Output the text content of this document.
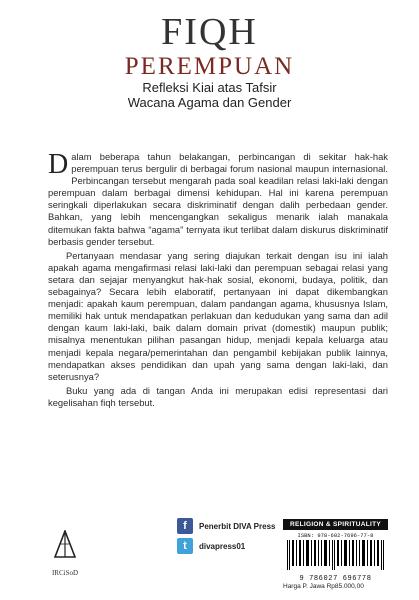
FIQH
PEREMPUAN
Refleksi Kiai atas Tafsir
Wacana Agama dan Gender

Dalam beberapa tahun belakangan, perbincangan di sekitar hak-hak perempuan terus bergulir di berbagai forum nasional maupun internasional. Perbincangan tersebut mengarah pada soal keadilan relasi laki-laki dengan perempuan dalam berbagai dimensi kehidupan. Hal ini karena perempuan seringkali diperlakukan secara diskriminatif dengan dalih perbedaan gender. Bahkan, yang lebih mencengangkan sekaligus menarik ialah manakala ditemukan fakta bahwa “agama” ternyata ikut terlibat dalam diskurus diskriminatif berbasis gender tersebut.

Pertanyaan mendasar yang sering diajukan terkait dengan isu ini ialah apakah agama mengafirmasi relasi laki-laki dan perempuan sebagai relasi yang setara dan sejajar menyangkut hak-hak sosial, ekonomi, budaya, politik, dan sebagainya? Secara lebih elaboratif, pertanyaan ini dapat dikembangkan menjadi: apakah kaum perempuan, dalam pandangan agama, khususnya Islam, memiliki hak untuk mendapatkan perlakuan dan kedudukan yang sama dan adil dengan kaum laki-laki, baik dalam domain privat (domestik) maupun publik; misalnya menentukan pilihan pasangan hidup, menjadi kepala keluarga atau menjadi kepala negara/pemerintahan dan pengambil kebijakan publik lainnya, mendapatkan akses pendidikan dan upah yang sama dengan laki-laki, dan seterusnya?

Buku yang ada di tangan Anda ini merupakan edisi representasi dari kegelisahan fiqh tersebut.

IRCiSoD
f	Penerbit DIVA Press
t	divapress01
RELIGION & SPIRITUALITY
ISBN: 978-602-7696-77-8
9 786027 696778
Harga P. Jawa Rp85.000,00
